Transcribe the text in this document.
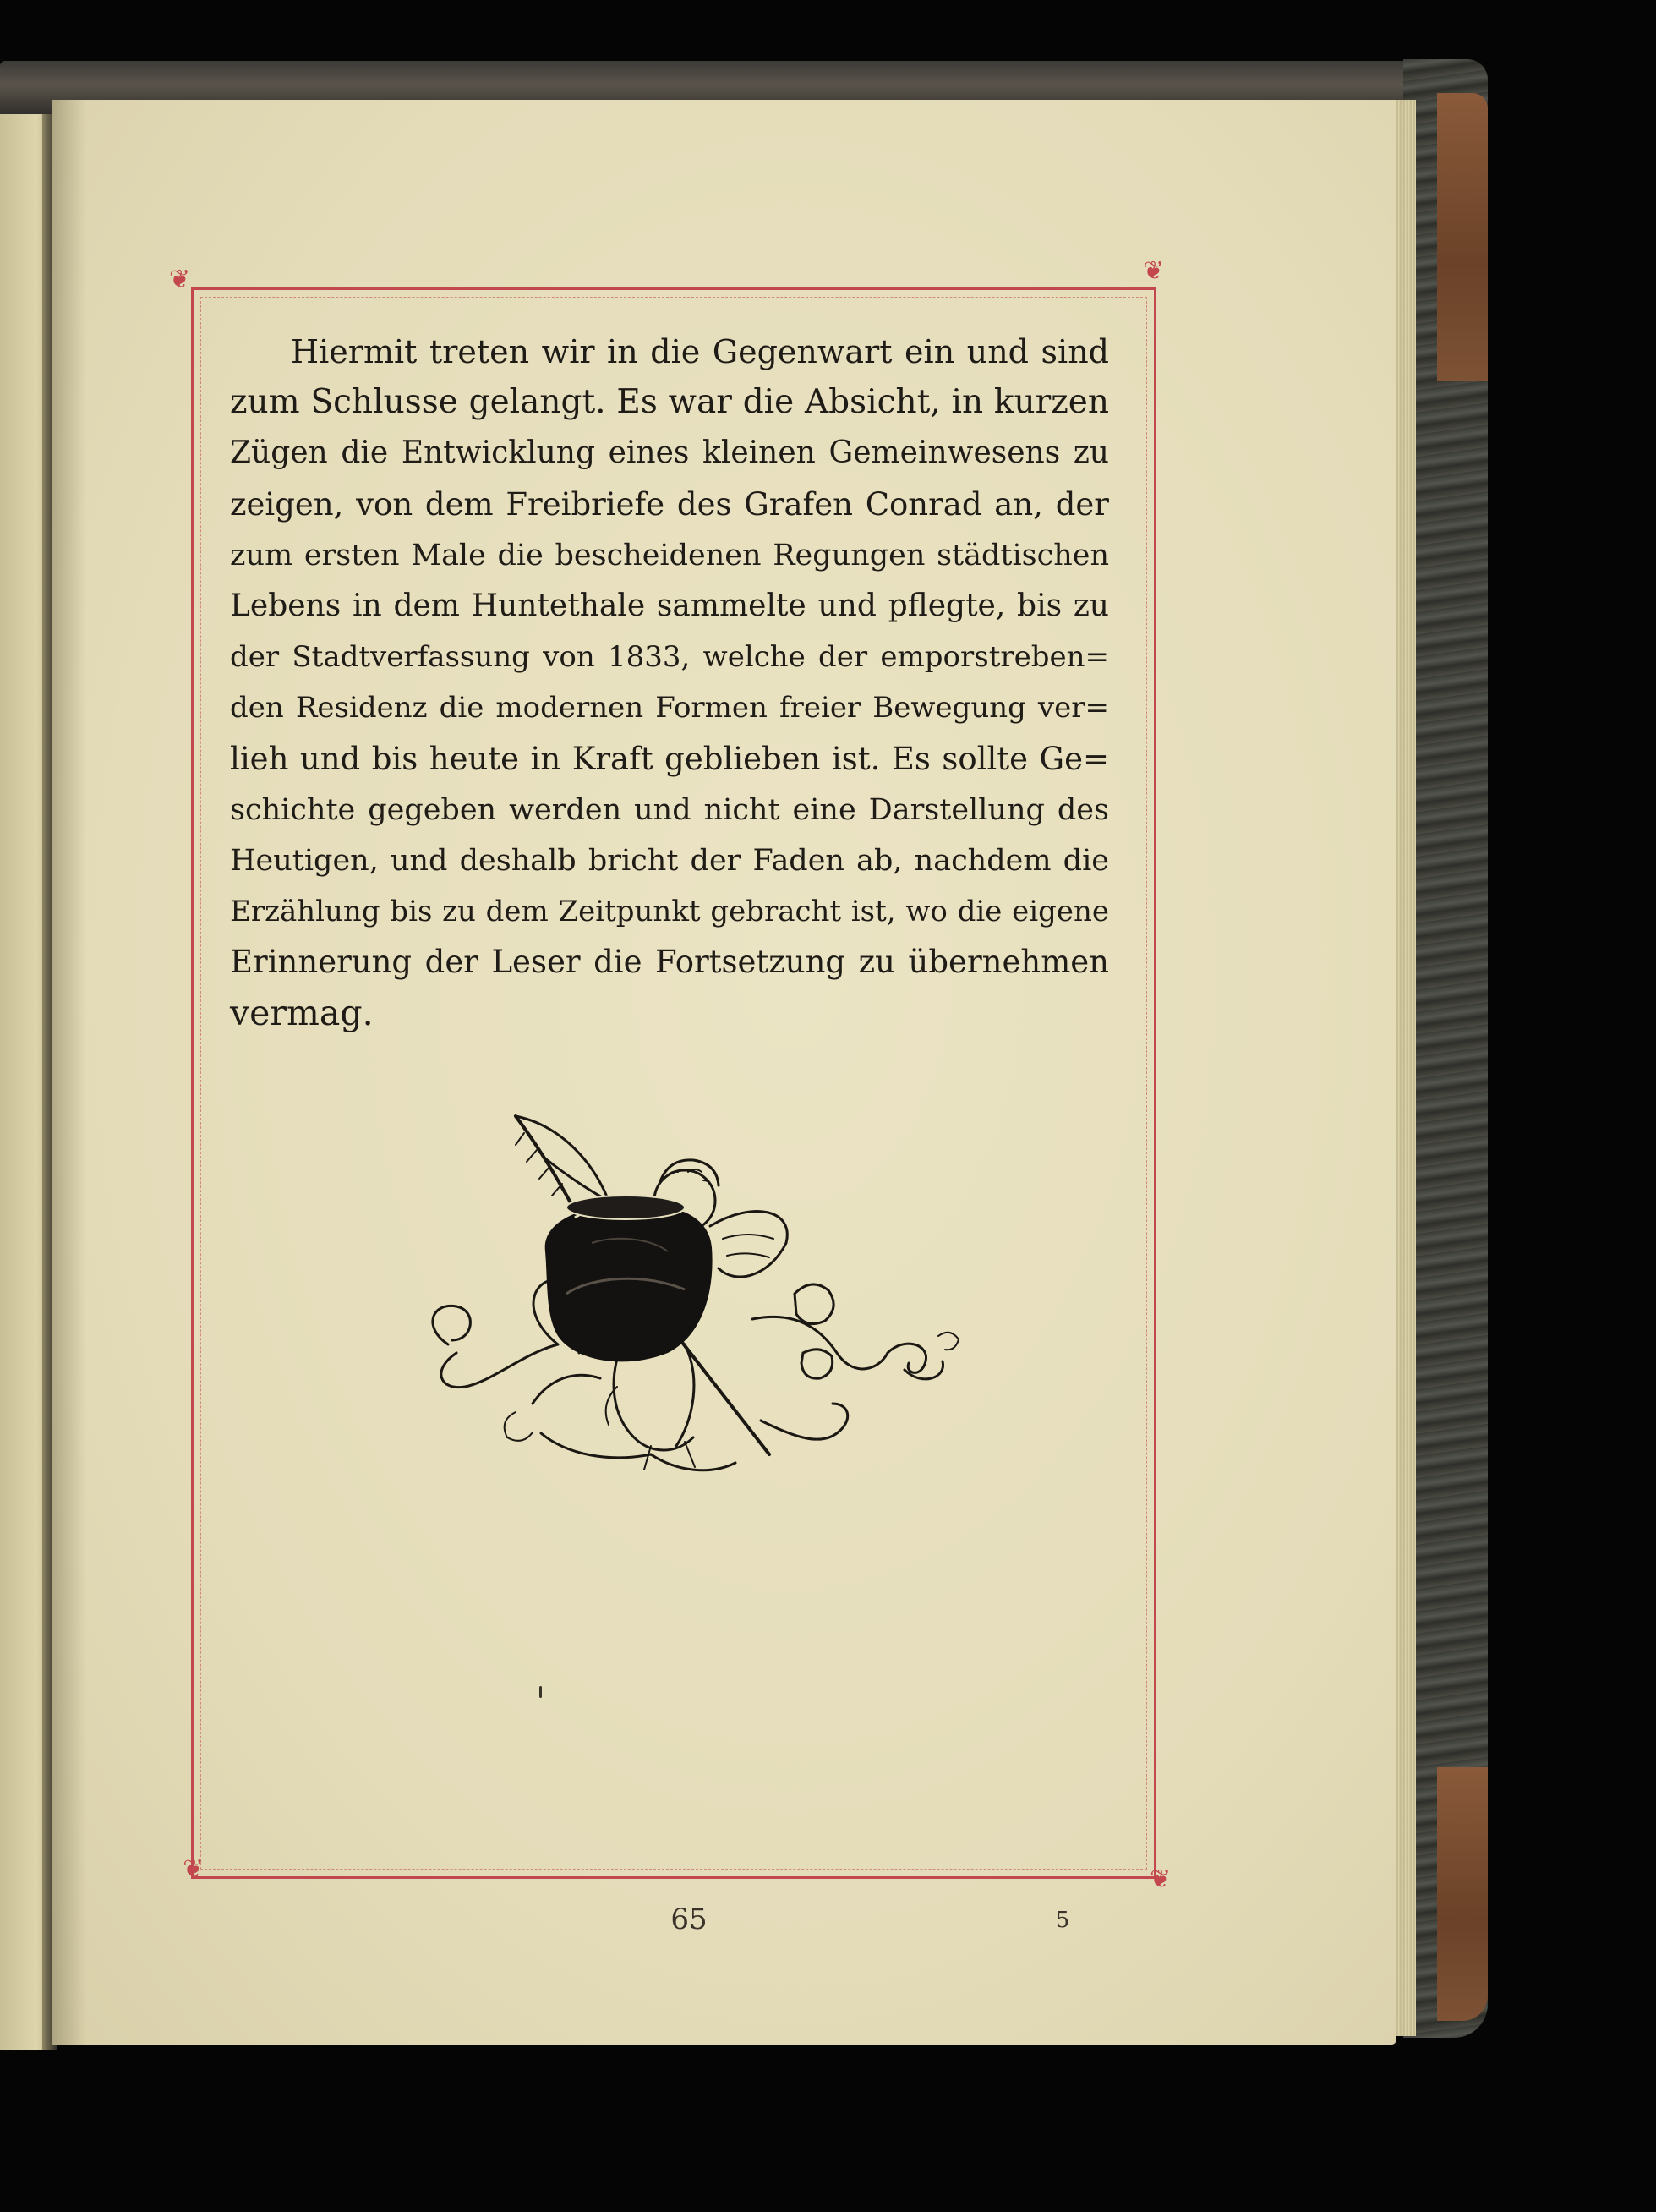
❦	❦
❦	❦
Hiermit treten wir in die Gegenwart ein und sind
zum Schlusse gelangt. Es war die Absicht, in kurzen
Zügen die Entwicklung eines kleinen Gemeinwesens zu
zeigen, von dem Freibriefe des Grafen Conrad an, der
zum ersten Male die bescheidenen Regungen städtischen
Lebens in dem Huntethale sammelte und pflegte, bis zu
der Stadtverfassung von 1833, welche der emporstreben=
den Residenz die modernen Formen freier Bewegung ver=
lieh und bis heute in Kraft geblieben ist. Es sollte Ge=
schichte gegeben werden und nicht eine Darstellung des
Heutigen, und deshalb bricht der Faden ab, nachdem die
Erzählung bis zu dem Zeitpunkt gebracht ist, wo die eigene
Erinnerung der Leser die Fortsetzung zu übernehmen
vermag.
65	5
